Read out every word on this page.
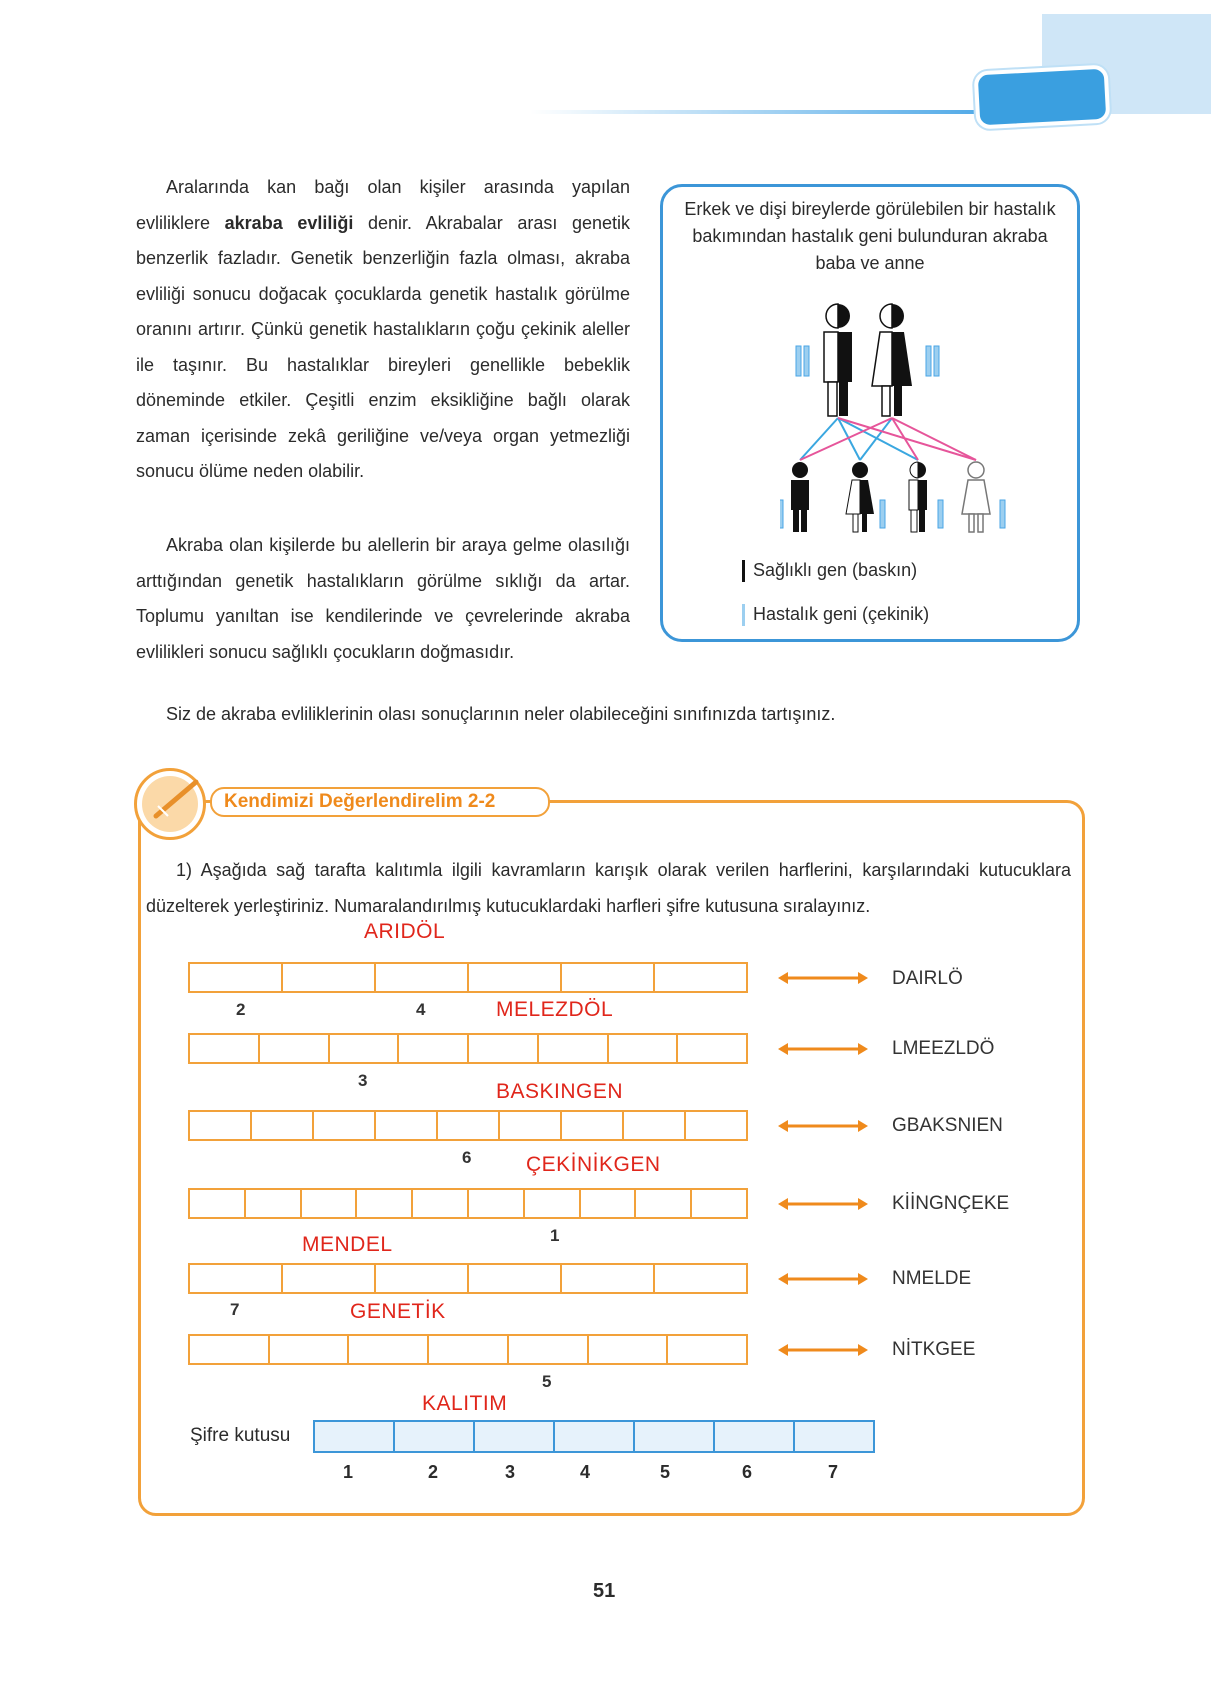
Aralarında kan bağı olan kişiler arasında yapılan evliliklere akraba evliliği denir. Akrabalar arası genetik benzerlik fazladır. Genetik benzerliğin fazla olması, akraba evliliği sonucu doğacak çocuklarda genetik hastalık görülme oranını artırır. Çünkü genetik hastalıkların çoğu çekinik aleller ile taşınır. Bu hastalıklar bireyleri genellikle bebeklik döneminde etkiler. Çeşitli enzim eksikliğine bağlı olarak zaman içerisinde zekâ geriliğine ve/veya organ yetmezliği sonucu ölüme neden olabilir.
Akraba olan kişilerde bu alellerin bir araya gelme olasılığı arttığından genetik hastalıkların görülme sıklığı da artar. Toplumu yanıltan ise kendilerinde ve çevrelerinde akraba evlilikleri sonucu sağlıklı çocukların doğmasıdır.
Siz de akraba evliliklerinin olası sonuçlarının neler olabileceğini sınıfınızda tartışınız.
Erkek ve dişi bireylerde görülebilen bir hastalık bakımından hastalık geni bulunduran akraba baba ve anne
Sağlıklı gen (baskın)
Hastalık geni (çekinik)
Kendimizi Değerlendirelim 2-2
1) Aşağıda sağ tarafta kalıtımla ilgili kavramların karışık olarak verilen harflerini, karşılarındaki kutucuklara düzelterek yerleştiriniz. Numaralandırılmış kutucuklardaki harfleri şifre kutusuna sıralayınız.
ARIDÖL
DAIRLÖ
2	4	MELEZDÖL
LMEEZLDÖ
3	BASKINGEN
GBAKSNIEN
6	ÇEKİNİKGEN
KİİNGNÇEKE
1
MENDEL
NMELDE
7	GENETİK
NİTKGEE
5
KALITIM
Şifre kutusu
1	2	3	4	5	6	7
51
